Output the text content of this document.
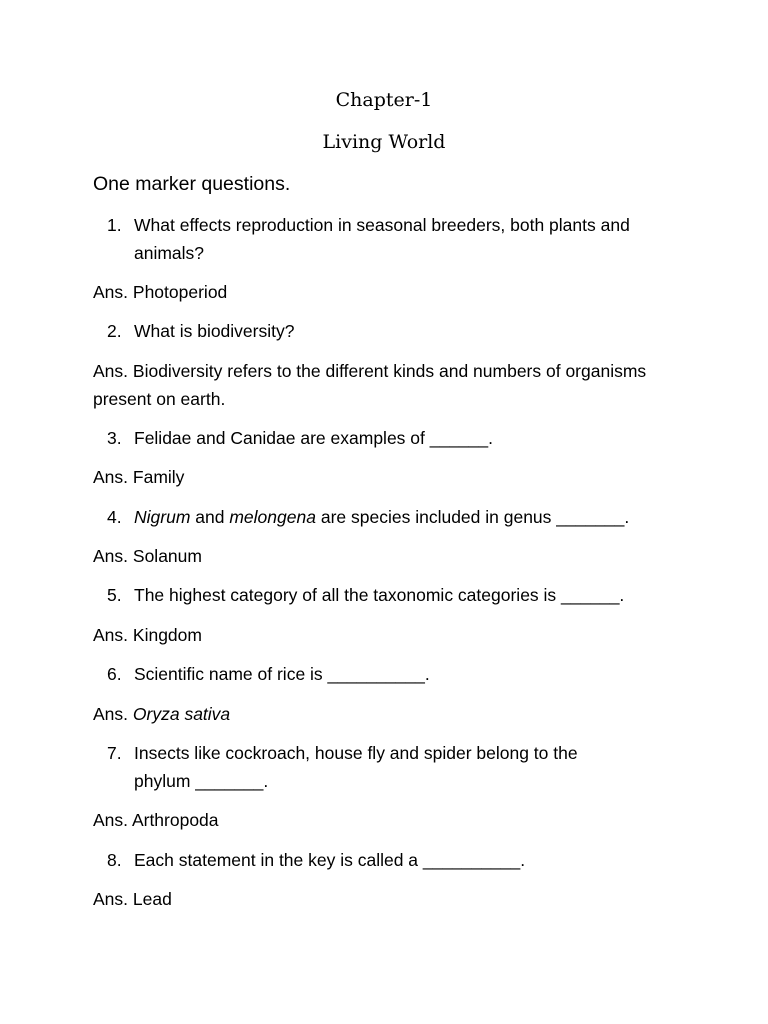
Chapter-1
Living World
One marker questions.
1. What effects reproduction in seasonal breeders, both plants and animals?

Ans. Photoperiod

2. What is biodiversity?

Ans. Biodiversity refers to the different kinds and numbers of organisms present on earth.

3. Felidae and Canidae are examples of ______.

Ans. Family

4. Nigrum and melongena are species included in genus _______.

Ans. Solanum

5. The highest category of all the taxonomic categories is ______.

Ans. Kingdom

6. Scientific name of rice is __________.

Ans. Oryza sativa

7. Insects like cockroach, house fly and spider belong to the phylum _______.

Ans. Arthropoda

8. Each statement in the key is called a __________.

Ans. Lead
